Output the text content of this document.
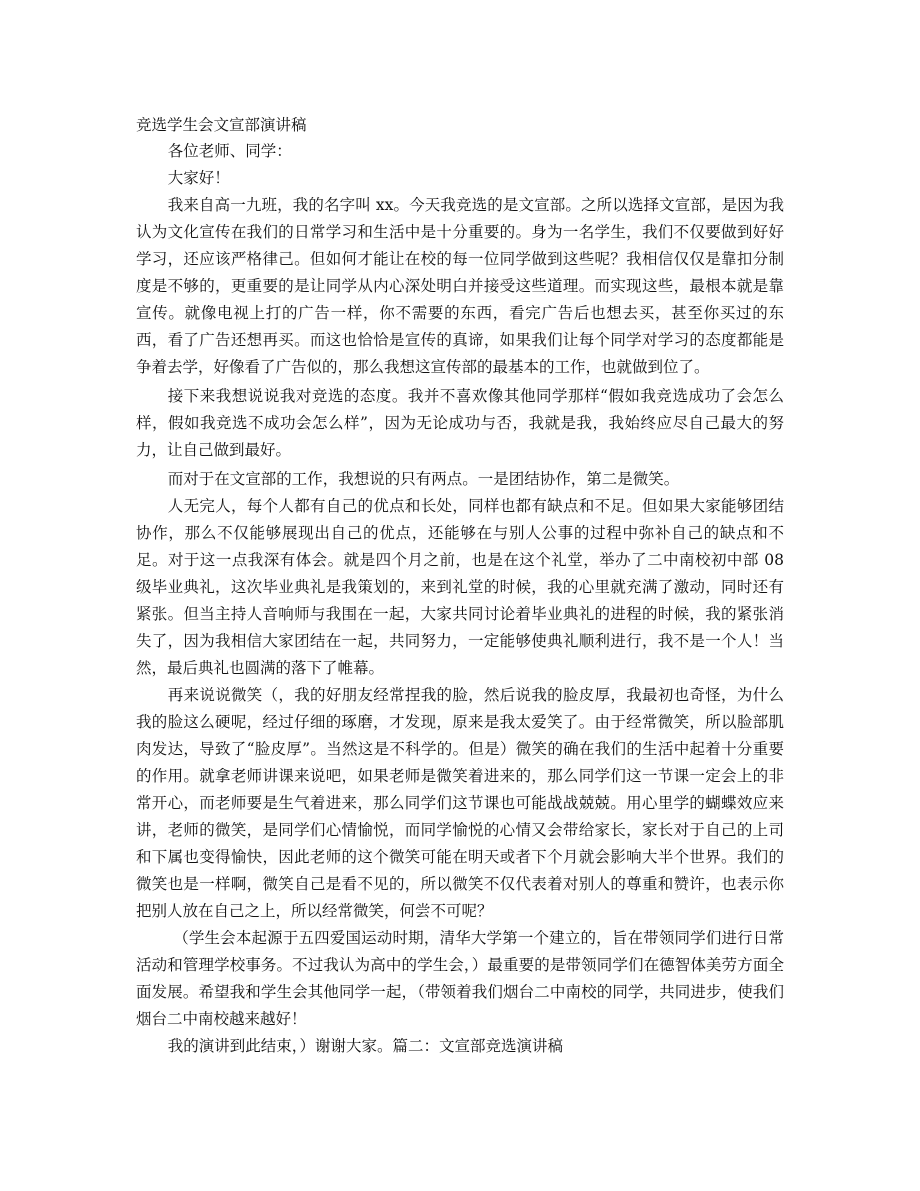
竞选学生会文宣部演讲稿

各位老师、同学：

大家好！

我来自高一九班，我的名字叫 xx。今天我竞选的是文宣部。之所以选择文宣部，是因为我认为文化宣传在我们的日常学习和生活中是十分重要的。身为一名学生，我们不仅要做到好好学习，还应该严格律己。但如何才能让在校的每一位同学做到这些呢？我相信仅仅是靠扣分制度是不够的，更重要的是让同学从内心深处明白并接受这些道理。而实现这些，最根本就是靠宣传。就像电视上打的广告一样，你不需要的东西，看完广告后也想去买，甚至你买过的东西，看了广告还想再买。而这也恰恰是宣传的真谛，如果我们让每个同学对学习的态度都能是争着去学，好像看了广告似的，那么我想这宣传部的最基本的工作，也就做到位了。

接下来我想说说我对竞选的态度。我并不喜欢像其他同学那样“假如我竞选成功了会怎么样，假如我竞选不成功会怎么样”，因为无论成功与否，我就是我，我始终应尽自己最大的努力，让自己做到最好。

而对于在文宣部的工作，我想说的只有两点。一是团结协作，第二是微笑。

人无完人，每个人都有自己的优点和长处，同样也都有缺点和不足。但如果大家能够团结协作，那么不仅能够展现出自己的优点，还能够在与别人公事的过程中弥补自己的缺点和不足。对于这一点我深有体会。就是四个月之前，也是在这个礼堂，举办了二中南校初中部 08 级毕业典礼，这次毕业典礼是我策划的，来到礼堂的时候，我的心里就充满了激动，同时还有紧张。但当主持人音响师与我围在一起，大家共同讨论着毕业典礼的进程的时候，我的紧张消失了，因为我相信大家团结在一起，共同努力，一定能够使典礼顺利进行，我不是一个人！当然，最后典礼也圆满的落下了帷幕。

再来说说微笑（，我的好朋友经常捏我的脸，然后说我的脸皮厚，我最初也奇怪，为什么我的脸这么硬呢，经过仔细的琢磨，才发现，原来是我太爱笑了。由于经常微笑，所以脸部肌肉发达，导致了“脸皮厚”。当然这是不科学的。但是）微笑的确在我们的生活中起着十分重要的作用。就拿老师讲课来说吧，如果老师是微笑着进来的，那么同学们这一节课一定会上的非常开心，而老师要是生气着进来，那么同学们这节课也可能战战兢兢。用心里学的蝴蝶效应来讲，老师的微笑，是同学们心情愉悦，而同学愉悦的心情又会带给家长，家长对于自己的上司和下属也变得愉快，因此老师的这个微笑可能在明天或者下个月就会影响大半个世界。我们的微笑也是一样啊，微笑自己是看不见的，所以微笑不仅代表着对别人的尊重和赞许，也表示你把别人放在自己之上，所以经常微笑，何尝不可呢？

（学生会本起源于五四爱国运动时期，清华大学第一个建立的，旨在带领同学们进行日常活动和管理学校事务。不过我认为高中的学生会，）最重要的是带领同学们在德智体美劳方面全面发展。希望我和学生会其他同学一起，（带领着我们烟台二中南校的同学，共同进步，使我们烟台二中南校越来越好！

我的演讲到此结束，）谢谢大家。篇二：文宣部竞选演讲稿
